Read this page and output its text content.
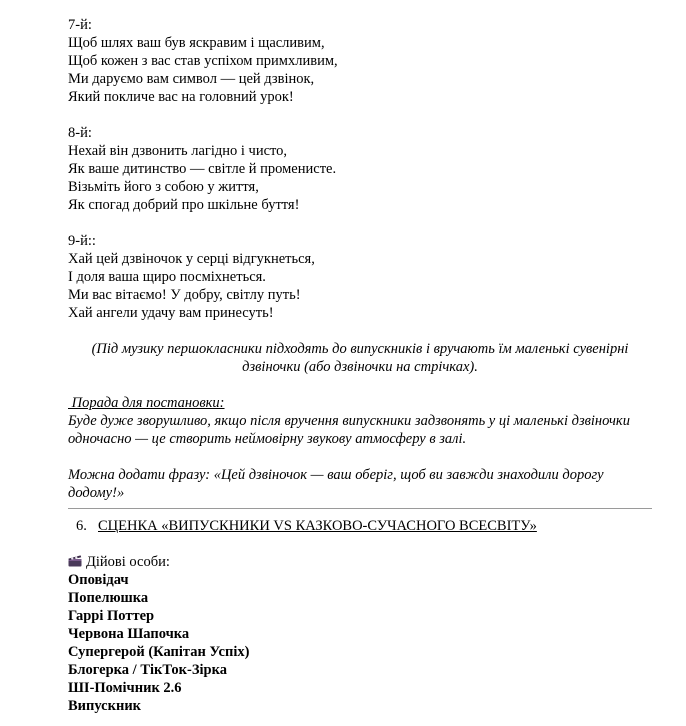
7-й:
Щоб шлях ваш був яскравим і щасливим,
Щоб кожен з вас став успіхом примхливим,
Ми даруємо вам символ — цей дзвінок,
Який покличе вас на головний урок!
8-й:
Нехай він дзвонить лагідно і чисто,
Як ваше дитинство — світле й променисте.
Візьміть його з собою у життя,
Як спогад добрий про шкільне буття!
9-й::
Хай цей дзвіночок у серці відгукнеться,
І доля ваша щиро посміхнеться.
Ми вас вітаємо! У добру, світлу путь!
Хай ангели удачу вам принесуть!
(Під музику першокласники підходять до випускників і вручають їм маленькі сувенірні дзвіночки (або дзвіночки на стрічках).
Порада для постановки:
Буде дуже зворушливо, якщо після вручення випускники задзвонять у ці маленькі дзвіночки одночасно — це створить неймовірну звукову атмосферу в залі.
Можна додати фразу: «Цей дзвіночок — ваш оберіг, щоб ви завжди знаходили дорогу додому!»
6. СЦЕНКА «ВИПУСКНИКИ VS КАЗКОВО-СУЧАСНОГО ВСЕСВІТУ»
Дійові особи:
Оповідач
Попелюшка
Гаррі Поттер
Червона Шапочка
Супергерой (Капітан Успіх)
Блогерка / ТікТок-Зірка
ШІ-Помічник 2.6
Випускник
